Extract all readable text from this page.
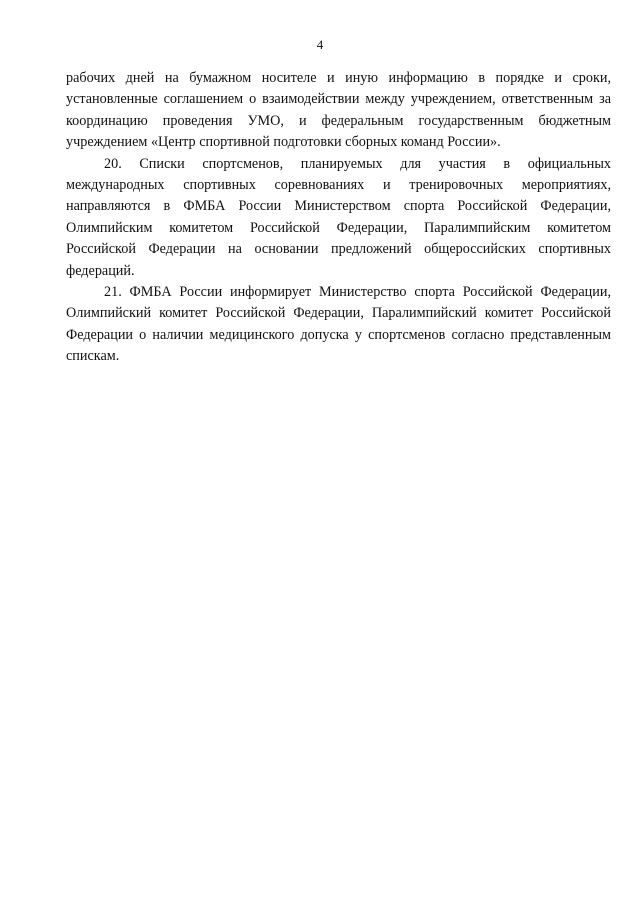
4

рабочих дней на бумажном носителе и иную информацию в порядке и сроки, установленные соглашением о взаимодействии между учреждением, ответственным за координацию проведения УМО, и федеральным государственным бюджетным учреждением «Центр спортивной подготовки сборных команд России».

20. Списки спортсменов, планируемых для участия в официальных международных спортивных соревнованиях и тренировочных мероприятиях, направляются в ФМБА России Министерством спорта Российской Федерации, Олимпийским комитетом Российской Федерации, Паралимпийским комитетом Российской Федерации на основании предложений общероссийских спортивных федераций.

21. ФМБА России информирует Министерство спорта Российской Федерации, Олимпийский комитет Российской Федерации, Паралимпийский комитет Российской Федерации о наличии медицинского допуска у спортсменов согласно представленным спискам.
